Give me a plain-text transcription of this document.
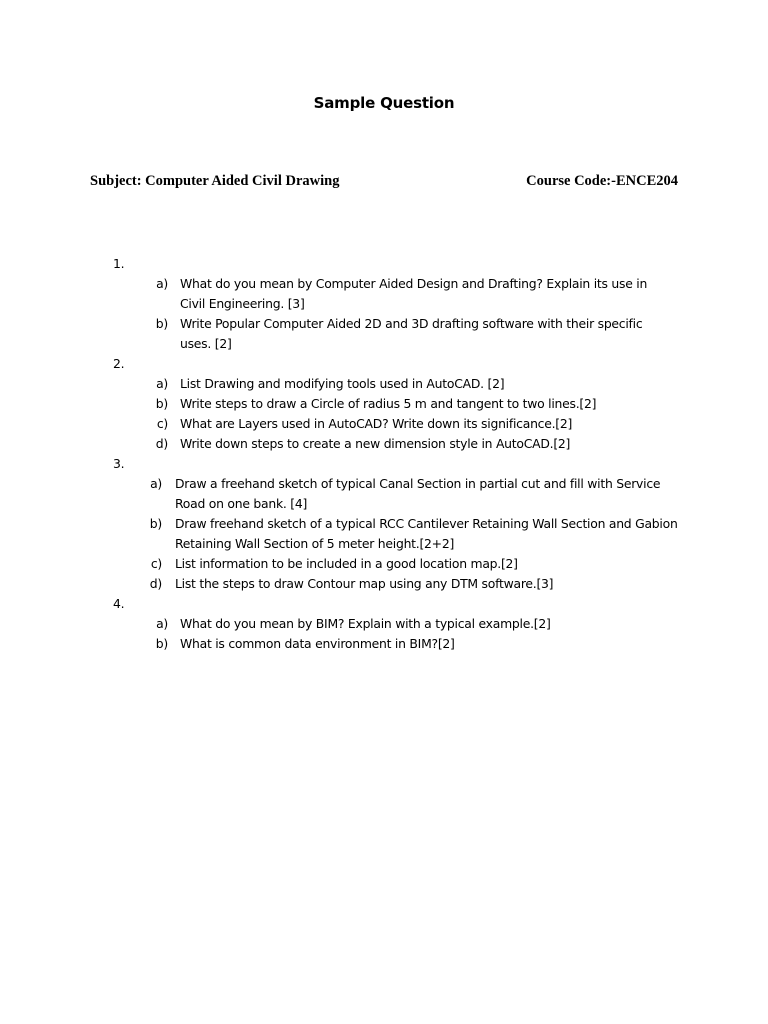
Sample Question
Subject: Computer Aided Civil Drawing	Course Code:-ENCE204
1.
a) What do you mean by Computer Aided Design and Drafting? Explain its use in Civil Engineering. [3]
b) Write Popular Computer Aided 2D and 3D drafting software with their specific uses. [2]
2.
a) List Drawing and modifying tools used in AutoCAD. [2]
b) Write steps to draw a Circle of radius 5 m and tangent to two lines.[2]
c) What are Layers used in AutoCAD? Write down its significance.[2]
d) Write down steps to create a new dimension style in AutoCAD.[2]
3.
a) Draw a freehand sketch of typical Canal Section in partial cut and fill with Service Road on one bank. [4]
b) Draw freehand sketch of a typical RCC Cantilever Retaining Wall Section and Gabion Retaining Wall Section of 5 meter height.[2+2]
c) List information to be included in a good location map.[2]
d) List the steps to draw Contour map using any DTM software.[3]
4.
a) What do you mean by BIM? Explain with a typical example.[2]
b) What is common data environment in BIM?[2]
